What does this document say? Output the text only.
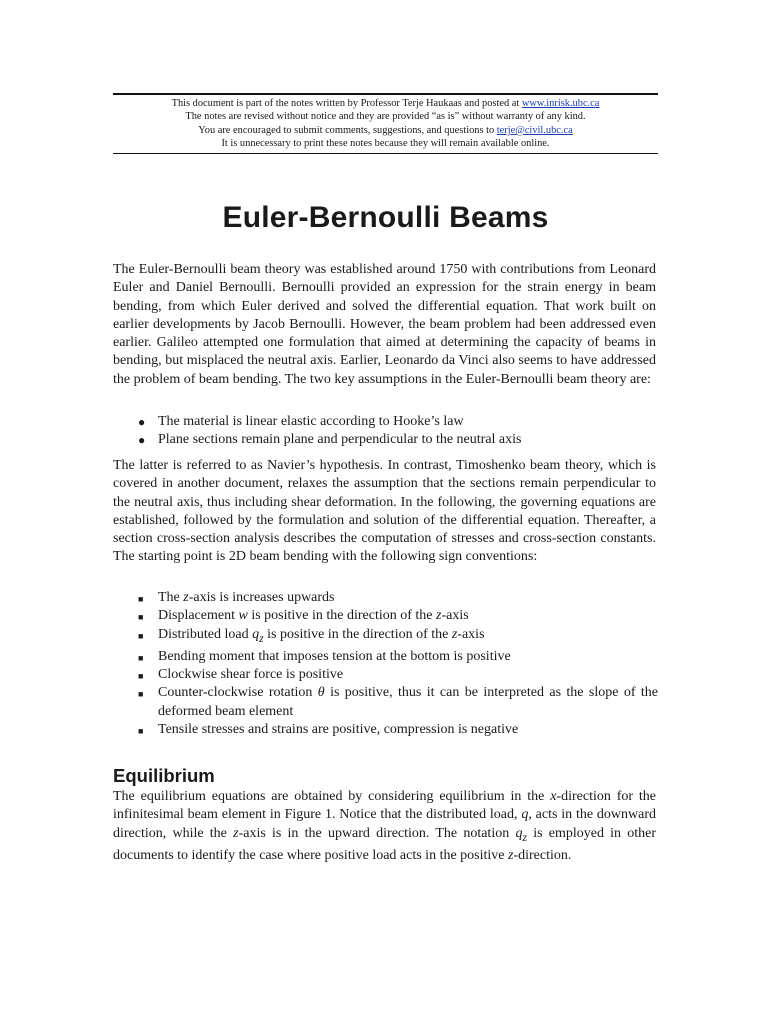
This document is part of the notes written by Professor Terje Haukaas and posted at www.inrisk.ubc.ca
The notes are revised without notice and they are provided “as is” without warranty of any kind.
You are encouraged to submit comments, suggestions, and questions to terje@civil.ubc.ca
It is unnecessary to print these notes because they will remain available online.
Euler-Bernoulli Beams

The Euler-Bernoulli beam theory was established around 1750 with contributions from Leonard Euler and Daniel Bernoulli. Bernoulli provided an expression for the strain energy in beam bending, from which Euler derived and solved the differential equation. That work built on earlier developments by Jacob Bernoulli. However, the beam problem had been addressed even earlier. Galileo attempted one formulation that aimed at determining the capacity of beams in bending, but misplaced the neutral axis. Earlier, Leonardo da Vinci also seems to have addressed the problem of beam bending. The two key assumptions in the Euler-Bernoulli beam theory are:

● The material is linear elastic according to Hooke’s law
● Plane sections remain plane and perpendicular to the neutral axis

The latter is referred to as Navier’s hypothesis. In contrast, Timoshenko beam theory, which is covered in another document, relaxes the assumption that the sections remain perpendicular to the neutral axis, thus including shear deformation. In the following, the governing equations are established, followed by the formulation and solution of the differential equation. Thereafter, a section cross-section analysis describes the computation of stresses and cross-section constants. The starting point is 2D beam bending with the following sign conventions:

■ The z-axis is increases upwards
■ Displacement w is positive in the direction of the z-axis
■ Distributed load $q_z$ is positive in the direction of the z-axis
■ Bending moment that imposes tension at the bottom is positive
■ Clockwise shear force is positive
■ Counter-clockwise rotation θ is positive, thus it can be interpreted as the slope of the deformed beam element
■ Tensile stresses and strains are positive, compression is negative
Equilibrium

The equilibrium equations are obtained by considering equilibrium in the x-direction for the infinitesimal beam element in Figure 1. Notice that the distributed load, q, acts in the downward direction, while the z-axis is in the upward direction. The notation $q_z$ is employed in other documents to identify the case where positive load acts in the positive z-direction.
